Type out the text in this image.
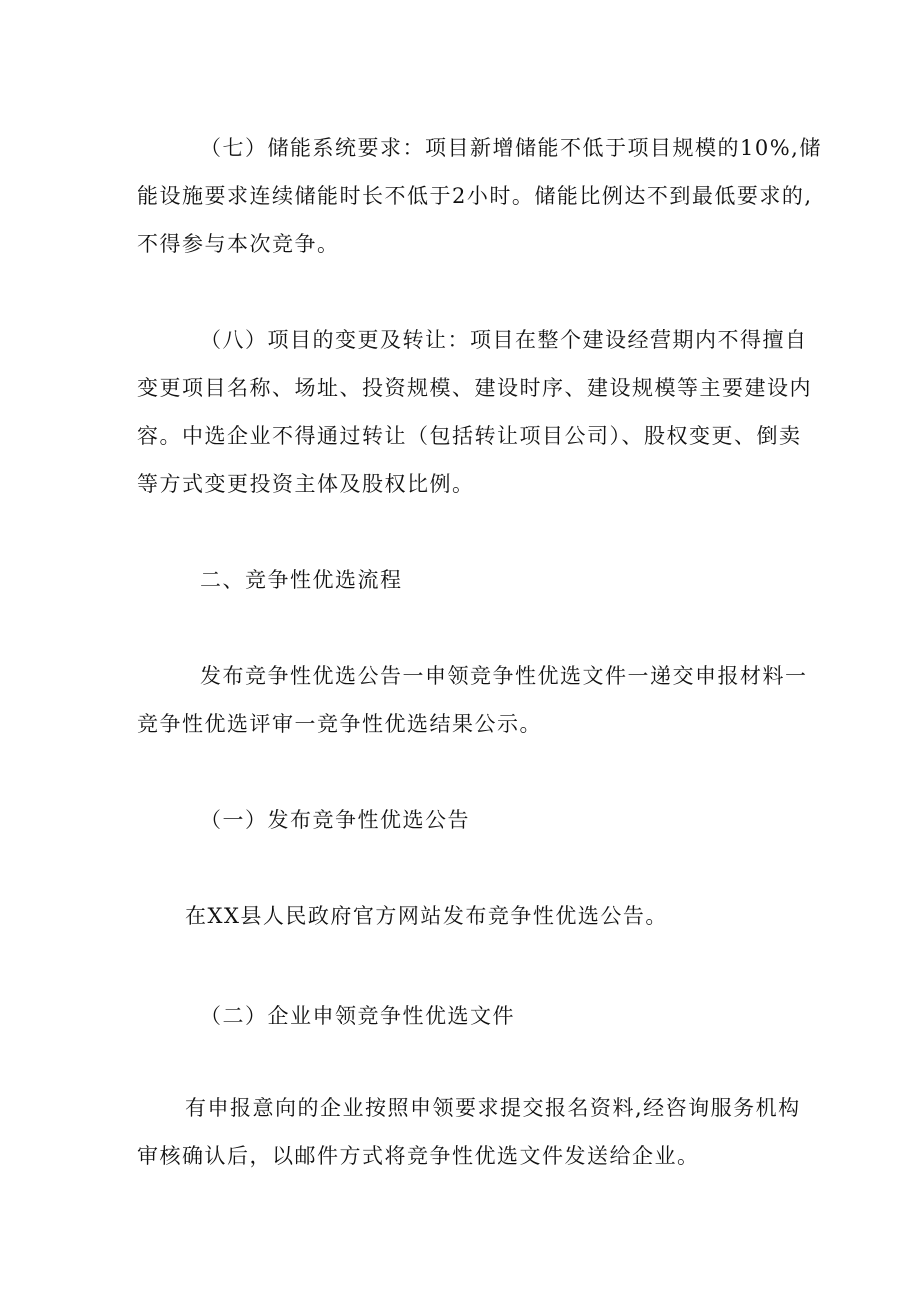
（七）储能系统要求：项目新增储能不低于项目规模的10%,储
能设施要求连续储能时长不低于2小时。储能比例达不到最低要求的,
不得参与本次竞争。
（八）项目的变更及转让：项目在整个建设经营期内不得擅自
变更项目名称、场址、投资规模、建设时序、建设规模等主要建设内
容。中选企业不得通过转让（包括转让项目公司）、股权变更、倒卖
等方式变更投资主体及股权比例。
二、竞争性优选流程
发布竞争性优选公告一申领竞争性优选文件一递交申报材料一
竞争性优选评审一竞争性优选结果公示。
（一）发布竞争性优选公告
在XX县人民政府官方网站发布竞争性优选公告。
（二）企业申领竞争性优选文件
有申报意向的企业按照申领要求提交报名资料,经咨询服务机构
审核确认后，以邮件方式将竞争性优选文件发送给企业。
